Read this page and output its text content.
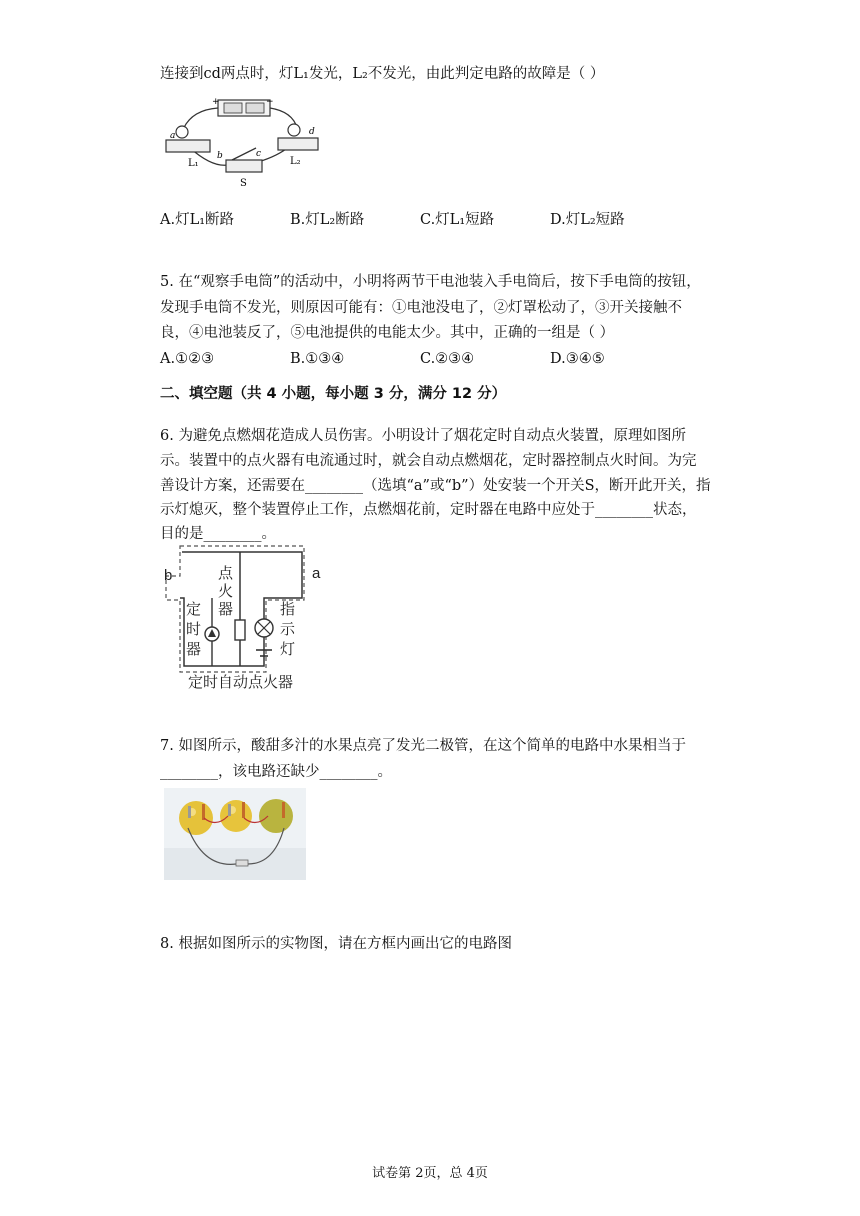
连接到cd两点时，灯L₁发光，L₂不发光，由此判定电路的故障是（ ）
+	−
a
L₁
d
L₂
b	c
S
A.灯L₁断路	B.灯L₂断路	C.灯L₁短路	D.灯L₂短路
5. 在“观察手电筒”的活动中，小明将两节干电池装入手电筒后，按下手电筒的按钮，
发现手电筒不发光，则原因可能有：①电池没电了，②灯罩松动了，③开关接触不
良，④电池装反了，⑤电池提供的电能太少。其中，正确的一组是（ ）
A.①②③	B.①③④	C.②③④	D.③④⑤
二、填空题（共 4 小题，每小题 3 分，满分 12 分）
6. 为避免点燃烟花造成人员伤害。小明设计了烟花定时自动点火装置，原理如图所
示。装置中的点火器有电流通过时，就会自动点燃烟花，定时器控制点火时间。为完
善设计方案，还需要在________（选填“a”或“b”）处安装一个开关S，断开此开关，指
示灯熄灭，整个装置停止工作，点燃烟花前，定时器在电路中应处于________状态，
目的是________。
b	a
点火器
定时器
指示灯
定时自动点火器
7. 如图所示，酸甜多汁的水果点亮了发光二极管，在这个简单的电路中水果相当于
________，该电路还缺少________。
8. 根据如图所示的实物图，请在方框内画出它的电路图
试卷第 2页，总 4页
